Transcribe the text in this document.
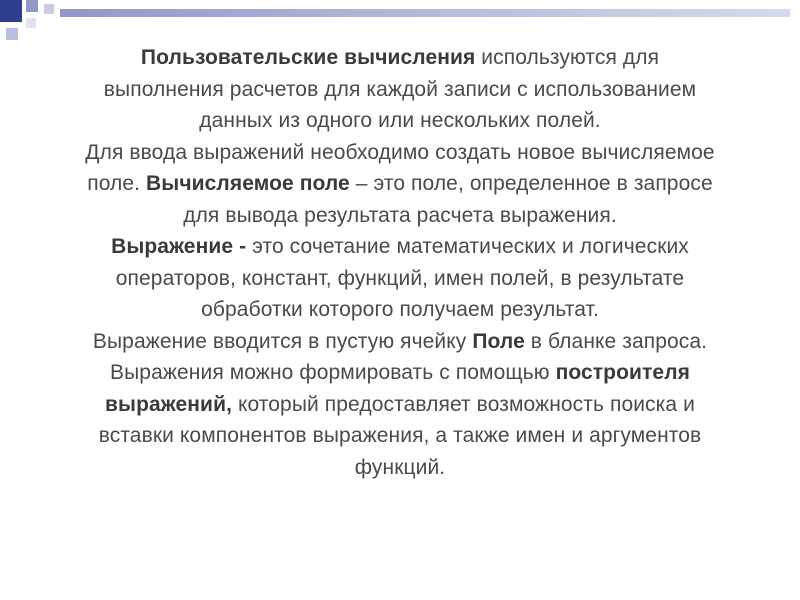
Пользовательские вычисления используются для
выполнения расчетов для каждой записи с использованием
данных из одного или нескольких полей.

Для ввода выражений необходимо создать новое вычисляемое
поле. Вычисляемое поле – это поле, определенное в запросе
для вывода результата расчета выражения.

Выражение - это сочетание математических и логических
операторов, констант, функций, имен полей, в результате
обработки которого получаем результат.

Выражение вводится в пустую ячейку Поле в бланке запроса.

Выражения можно формировать с помощью построителя
выражений, который предоставляет возможность поиска и
вставки компонентов выражения, а также имен и аргументов
функций.
